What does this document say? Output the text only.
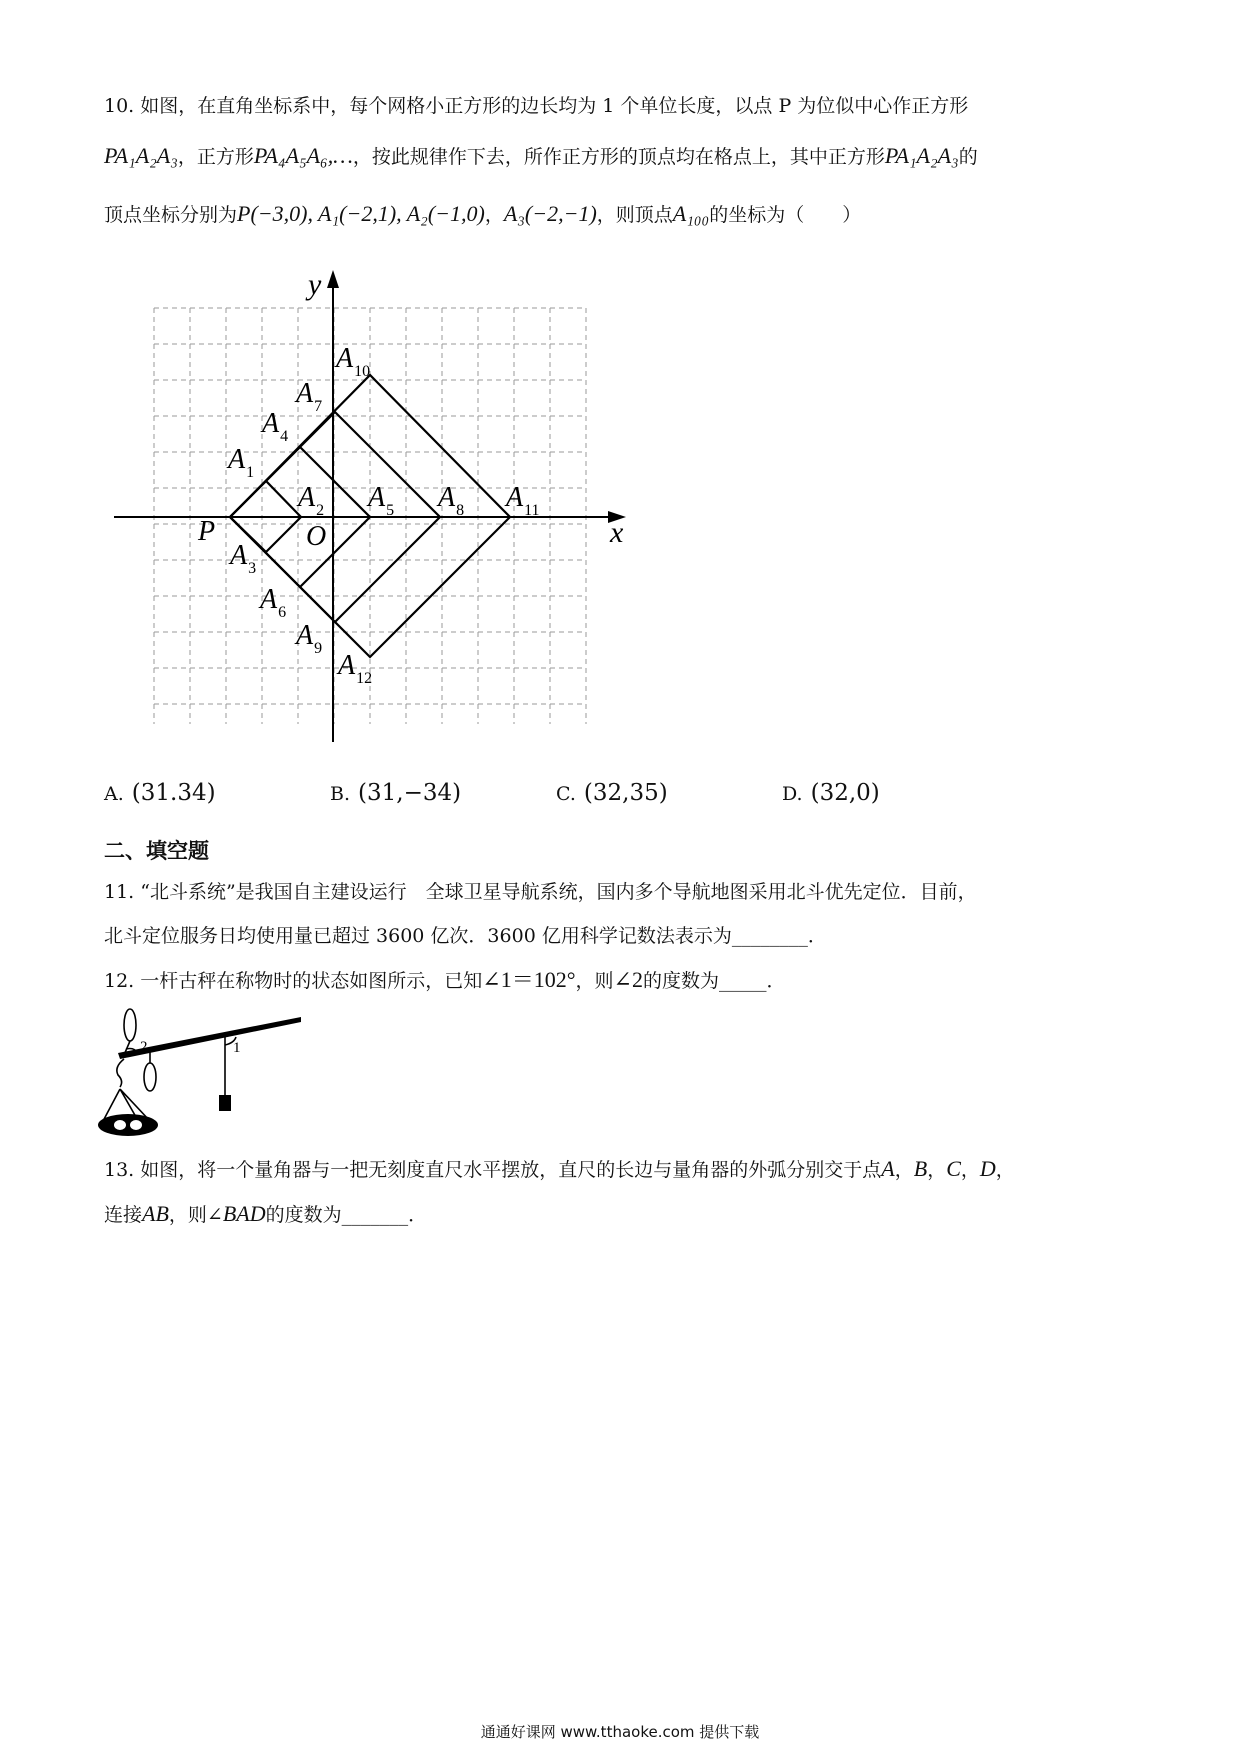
10. 如图，在直角坐标系中，每个网格小正方形的边长均为 1 个单位长度，以点 P 为位似中心作正方形
PA₁A₂A₃，正方形PA₄A₅A₆,…，按此规律作下去，所作正方形的顶点均在格点上，其中正方形PA₁A₂A₃的
顶点坐标分别为P(−3,0), A₁(−2,1), A₂(−1,0)，A₃(−2,−1)，则顶点A₁₀₀的坐标为（　　）
x
y
O
P
$A_1$
$A_2$
$A_3$
$A_4$
$A_5$
$A_6$
$A_7$
$A_8$
$A_9$
$A_{10}$
$A_{11}$
$A_{12}$
A. (31.34)	B. (31,−34)	C. (32,35)	D. (32,0)
二、填空题
11. “北斗系统”是我国自主建设运行　全球卫星导航系统，国内多个导航地图采用北斗优先定位．目前，
北斗定位服务日均使用量已超过 3600 亿次．3600 亿用科学记数法表示为________．
12. 一杆古秤在称物时的状态如图所示，已知∠1＝102°，则∠2的度数为_____．
2	1
13. 如图，将一个量角器与一把无刻度直尺水平摆放，直尺的长边与量角器的外弧分别交于点A，B，C，D，
连接AB，则∠BAD的度数为_______．
通通好课网 www.tthaoke.com 提供下载
